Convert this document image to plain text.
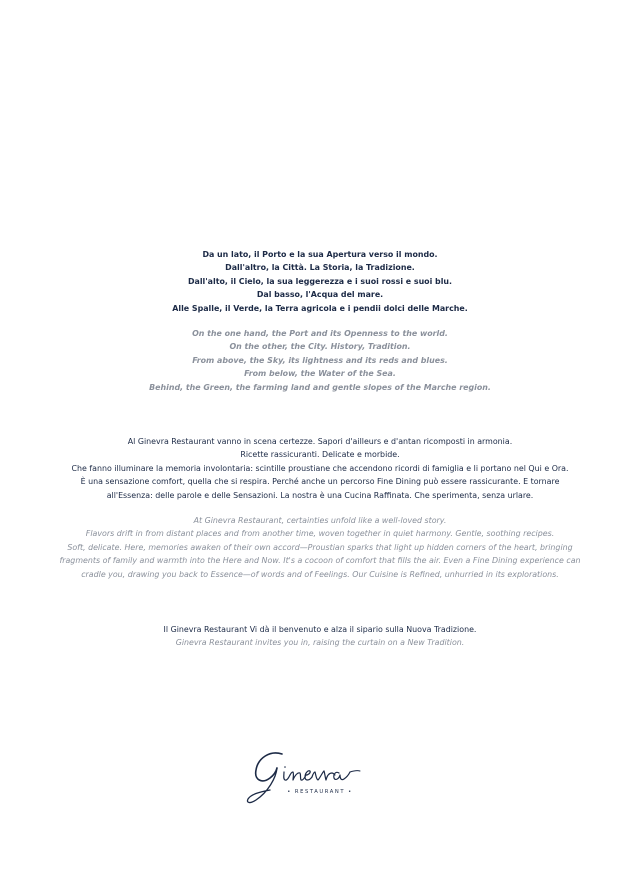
Da un lato, il Porto e la sua Apertura verso il mondo.
Dall'altro, la Città. La Storia, la Tradizione.
Dall'alto, il Cielo, la sua leggerezza e i suoi rossi e suoi blu.
Dal basso, l'Acqua del mare.
Alle Spalle, il Verde, la Terra agricola e i pendii dolci delle Marche.
On the one hand, the Port and its Openness to the world.
On the other, the City. History, Tradition.
From above, the Sky, its lightness and its reds and blues.
From below, the Water of the Sea.
Behind, the Green, the farming land and gentle slopes of the Marche region.
Al Ginevra Restaurant vanno in scena certezze. Sapori d'ailleurs e d'antan ricomposti in armonia.
Ricette rassicuranti. Delicate e morbide.
Che fanno illuminare la memoria involontaria: scintille proustiane che accendono ricordi di famiglia e li portano nel Qui e Ora.
È una sensazione comfort, quella che si respira. Perché anche un percorso Fine Dining può essere rassicurante. E tornare
all'Essenza: delle parole e delle Sensazioni. La nostra è una Cucina Raffinata. Che sperimenta, senza urlare.
At Ginevra Restaurant, certainties unfold like a well-loved story.
Flavors drift in from distant places and from another time, woven together in quiet harmony. Gentle, soothing recipes.
Soft, delicate. Here, memories awaken of their own accord—Proustian sparks that light up hidden corners of the heart, bringing
fragments of family and warmth into the Here and Now. It's a cocoon of comfort that fills the air. Even a Fine Dining experience can
cradle you, drawing you back to Essence—of words and of Feelings. Our Cuisine is Refined, unhurried in its explorations.
Il Ginevra Restaurant Vi dà il benvenuto e alza il sipario sulla Nuova Tradizione.
Ginevra Restaurant invites you in, raising the curtain on a New Tradition.
• RESTAURANT •
